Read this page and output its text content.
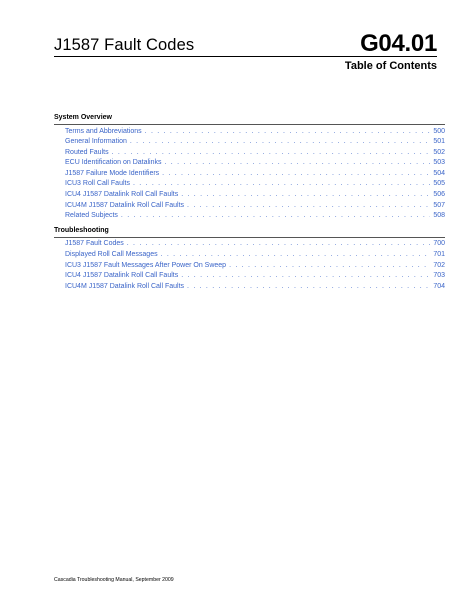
J1587 Fault Codes	G04.01
Table of Contents
System Overview
Terms and Abbreviations . . .	500
General Information . . .	501
Routed Faults . . .	502
ECU Identification on Datalinks . . .	503
J1587 Failure Mode Identifiers . . .	504
ICU3 Roll Call Faults . . .	505
ICU4 J1587 Datalink Roll Call Faults . . .	506
ICU4M J1587 Datalink Roll Call Faults . . .	507
Related Subjects . . .	508
Troubleshooting
J1587 Fault Codes . . .	700
Displayed Roll Call Messages . . .	701
ICU3 J1587 Fault Messages After Power On Sweep . . .	702
ICU4 J1587 Datalink Roll Call Faults . . .	703
ICU4M J1587 Datalink Roll Call Faults . . .	704
Cascadia Troubleshooting Manual, September 2009
